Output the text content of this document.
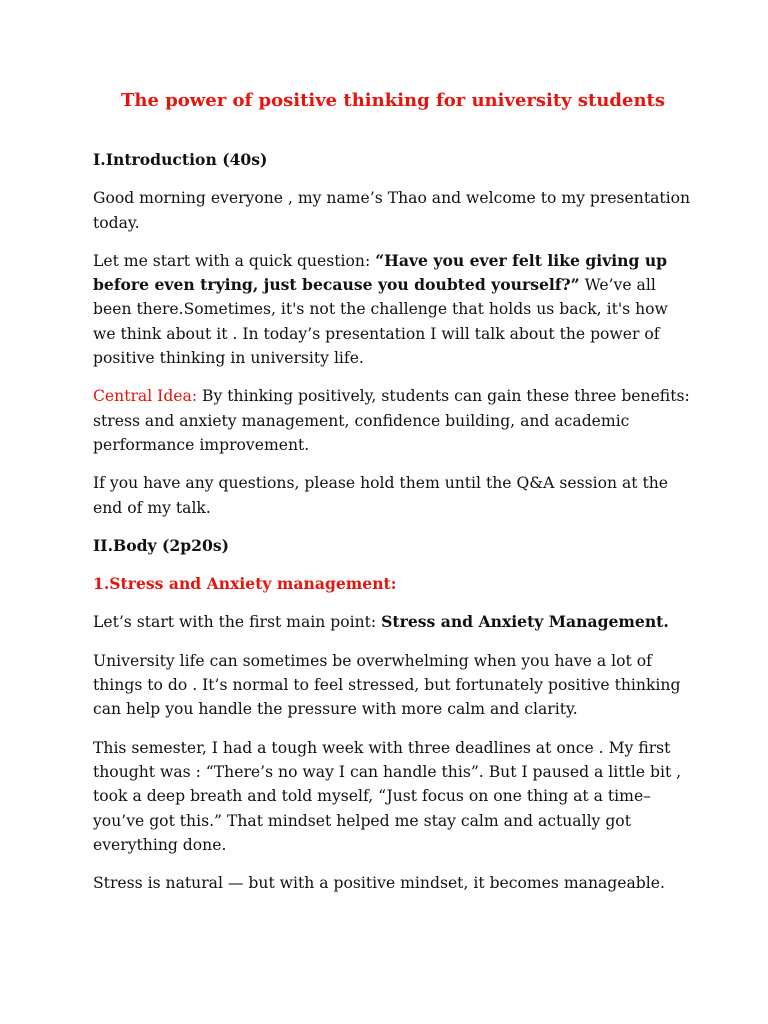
The power of positive thinking for university students

I.Introduction (40s)

Good morning everyone , my name’s Thao and welcome to my presentation today.

Let me start with a quick question: “Have you ever felt like giving up before even trying, just because you doubted yourself?” We’ve all been there.Sometimes, it's not the challenge that holds us back, it's how we think about it . In today’s presentation I will talk about the power of positive thinking in university life.

Central Idea: By thinking positively, students can gain these three benefits: stress and anxiety management, confidence building, and academic performance improvement.

If you have any questions, please hold them until the Q&A session at the end of my talk.

II.Body (2p20s)

1.Stress and Anxiety management:

Let’s start with the first main point: Stress and Anxiety Management.

University life can sometimes be overwhelming when you have a lot of things to do . It’s normal to feel stressed, but fortunately positive thinking can help you handle the pressure with more calm and clarity.

This semester, I had a tough week with three deadlines at once . My first thought was : “There’s no way I can handle this”. But I paused a little bit , took a deep breath and told myself, “Just focus on one thing at a time–you’ve got this.” That mindset helped me stay calm and actually got everything done.

Stress is natural — but with a positive mindset, it becomes manageable.
